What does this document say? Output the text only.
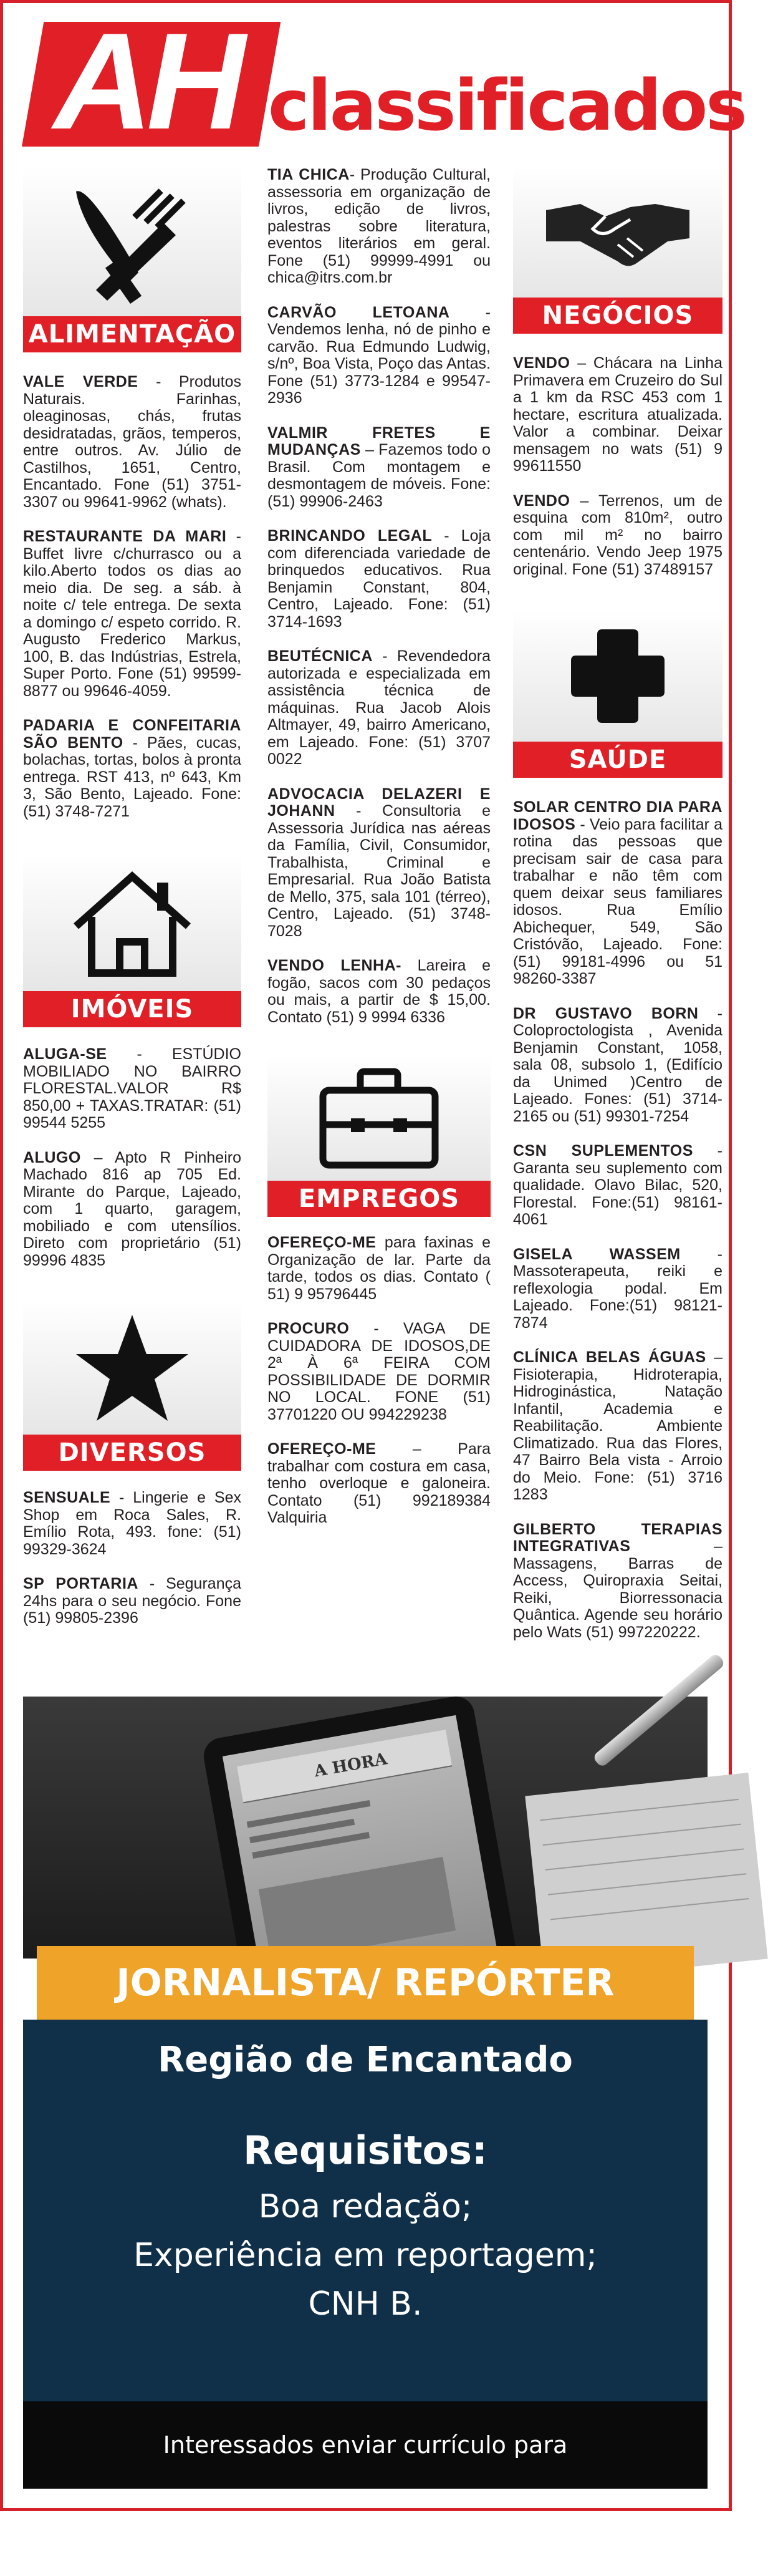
AH classificados
ALIMENTAÇÃO
VALE VERDE - Produtos Naturais. Farinhas, oleaginosas, chás, frutas desidratadas, grãos, temperos, entre outros. Av. Júlio de Castilhos, 1651, Centro, Encantado. Fone (51) 3751-3307 ou 99641-9962 (whats).
RESTAURANTE DA MARI - Buffet livre c/churrasco ou a kilo.Aberto todos os dias ao meio dia. De seg. a sáb. à noite c/ tele entrega. De sexta a domingo c/ espeto corrido. R. Augusto Frederico Markus, 100, B. das Indústrias, Estrela, Super Porto. Fone (51) 99599-8877 ou 99646-4059.
PADARIA E CONFEITARIA SÃO BENTO - Pães, cucas, bolachas, tortas, bolos à pronta entrega. RST 413, nº 643, Km 3, São Bento, Lajeado. Fone:(51) 3748-7271
IMÓVEIS
ALUGA-SE - ESTÚDIO MOBILIADO NO BAIRRO FLORESTAL.VALOR R$ 850,00 + TAXAS.TRATAR: (51) 99544 5255
ALUGO – Apto R Pinheiro Machado 816 ap 705 Ed. Mirante do Parque, Lajeado, com 1 quarto, garagem, mobiliado e com utensílios. Direto com proprietário (51) 99996 4835
DIVERSOS
SENSUALE - Lingerie e Sex Shop em Roca Sales, R. Emílio Rota, 493. fone: (51) 99329-3624
SP PORTARIA - Segurança 24hs para o seu negócio. Fone (51) 99805-2396
TIA CHICA- Produção Cultural, assessoria em organização de livros, edição de livros, palestras sobre literatura, eventos literários em geral. Fone (51) 99999-4991 ou chica@itrs.com.br
CARVÃO LETOANA -Vendemos lenha, nó de pinho e carvão. Rua Edmundo Ludwig, s/nº, Boa Vista, Poço das Antas. Fone (51) 3773-1284 e 99547-2936
VALMIR FRETES E MUDANÇAS – Fazemos todo o Brasil. Com montagem e desmontagem de móveis. Fone: (51) 99906-2463
BRINCANDO LEGAL - Loja com diferenciada variedade de brinquedos educativos. Rua Benjamin Constant, 804, Centro, Lajeado. Fone: (51) 3714-1693
BEUTÉCNICA - Revendedora autorizada e especializada em assistência técnica de máquinas. Rua Jacob Alois Altmayer, 49, bairro Americano, em Lajeado. Fone: (51) 3707 0022
ADVOCACIA DELAZERI E JOHANN - Consultoria e Assessoria Jurídica nas aéreas da Família, Civil, Consumidor, Trabalhista, Criminal e Empresarial. Rua João Batista de Mello, 375, sala 101 (térreo), Centro, Lajeado. (51) 3748-7028
VENDO LENHA- Lareira e fogão, sacos com 30 pedaços ou mais, a partir de $ 15,00. Contato (51) 9 9994 6336
EMPREGOS
OFEREÇO-ME para faxinas e Organização de lar. Parte da tarde, todos os dias. Contato ( 51) 9 95796445
PROCURO - VAGA DE CUIDADORA DE IDOSOS,DE 2ª À 6ª FEIRA COM POSSIBILIDADE DE DORMIR NO LOCAL. FONE (51) 37701220 OU 994229238
OFEREÇO-ME – Para trabalhar com costura em casa, tenho overloque e galoneira. Contato (51) 992189384 Valquiria
NEGÓCIOS
VENDO – Chácara na Linha Primavera em Cruzeiro do Sul a 1 km da RSC 453 com 1 hectare, escritura atualizada. Valor a combinar. Deixar mensagem no wats (51) 9 99611550
VENDO – Terrenos, um de esquina com 810m², outro com mil m² no bairro centenário. Vendo Jeep 1975 original. Fone (51) 37489157
SAÚDE
SOLAR CENTRO DIA PARA IDOSOS - Veio para facilitar a rotina das pessoas que precisam sair de casa para trabalhar e não têm com quem deixar seus familiares idosos. Rua Emílio Abichequer, 549, São Cristóvão, Lajeado. Fone: (51) 99181-4996 ou 51 98260-3387
DR GUSTAVO BORN - Coloproctologista , Avenida Benjamin Constant, 1058, sala 08, subsolo 1, (Edifício da Unimed )Centro de Lajeado. Fones: (51) 3714-2165 ou (51) 99301-7254
CSN SUPLEMENTOS - Garanta seu suplemento com qualidade. Olavo Bilac, 520, Florestal. Fone:(51) 98161-4061
GISELA WASSEM - Massoterapeuta, reiki e reflexologia podal. Em Lajeado. Fone:(51) 98121-7874
CLÍNICA BELAS ÁGUAS – Fisioterapia, Hidroterapia, Hidroginástica, Natação Infantil, Academia e Reabilitação. Ambiente Climatizado. Rua das Flores, 47 Bairro Bela vista - Arroio do Meio. Fone: (51) 3716 1283
GILBERTO TERAPIAS INTEGRATIVAS – Massagens, Barras de Access, Quiropraxia Seitai, Reiki, Biorressonacia Quântica. Agende seu horário pelo Wats (51) 997220222.
A HORA
JORNALISTA/ REPÓRTER
Região de Encantado
Requisitos:
Boa redação;
Experiência em reportagem;
CNH B.
Interessados enviar currículo para rh@grupoahora.net.br
